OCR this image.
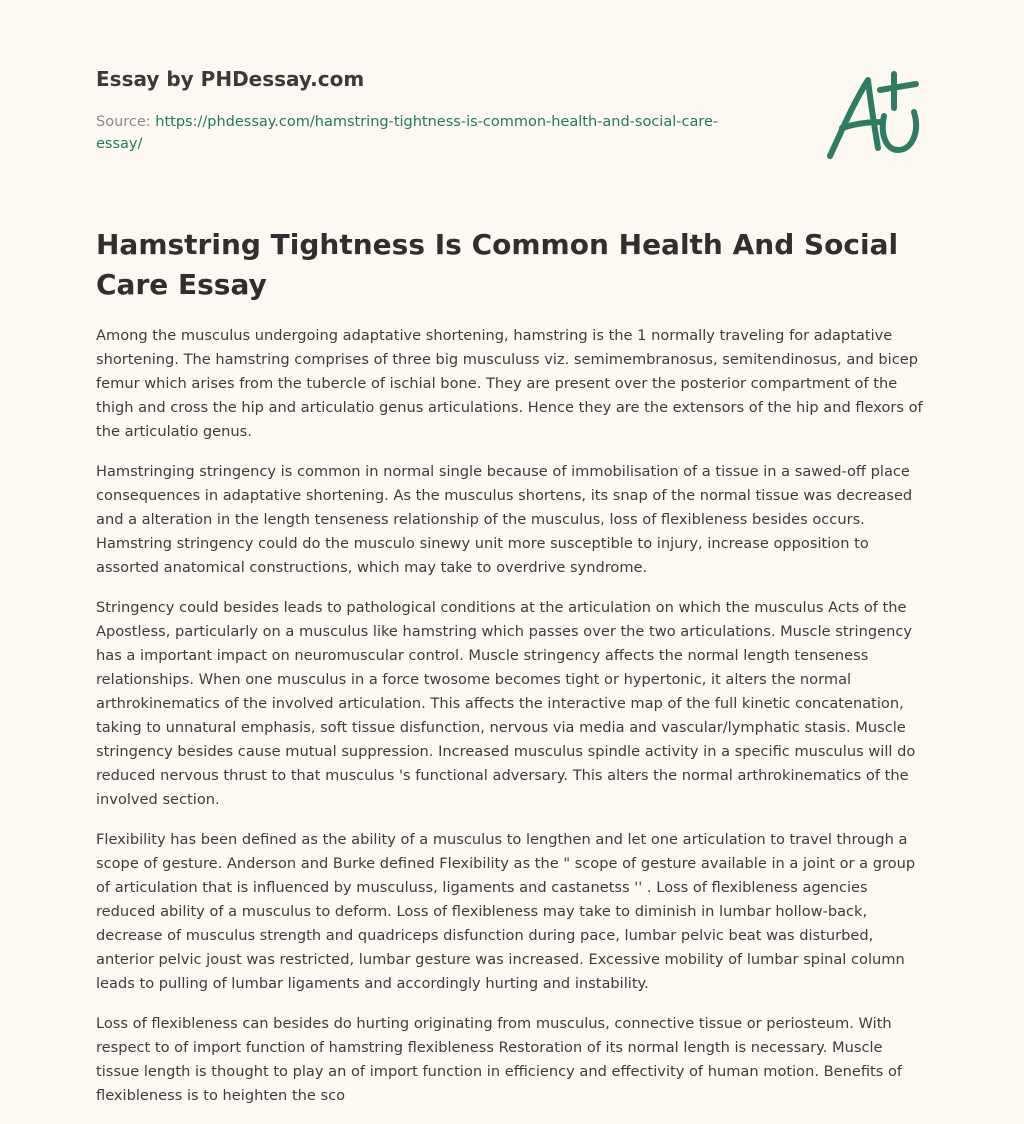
Essay by PHDessay.com
Source: https://phdessay.com/hamstring-tightness-is-common-health-and-social-care-essay/
Hamstring Tightness Is Common Health And Social Care Essay

Among the musculus undergoing adaptative shortening, hamstring is the 1 normally traveling for adaptative shortening. The hamstring comprises of three big musculuss viz. semimembranosus, semitendinosus, and bicep femur which arises from the tubercle of ischial bone. They are present over the posterior compartment of the thigh and cross the hip and articulatio genus articulations. Hence they are the extensors of the hip and flexors of the articulatio genus.

Hamstringing stringency is common in normal single because of immobilisation of a tissue in a sawed-off place consequences in adaptative shortening. As the musculus shortens, its snap of the normal tissue was decreased and a alteration in the length tenseness relationship of the musculus, loss of flexibleness besides occurs. Hamstring stringency could do the musculo sinewy unit more susceptible to injury, increase opposition to assorted anatomical constructions, which may take to overdrive syndrome.

Stringency could besides leads to pathological conditions at the articulation on which the musculus Acts of the Apostless, particularly on a musculus like hamstring which passes over the two articulations. Muscle stringency has a important impact on neuromuscular control. Muscle stringency affects the normal length tenseness relationships. When one musculus in a force twosome becomes tight or hypertonic, it alters the normal arthrokinematics of the involved articulation. This affects the interactive map of the full kinetic concatenation, taking to unnatural emphasis, soft tissue disfunction, nervous via media and vascular/lymphatic stasis. Muscle stringency besides cause mutual suppression. Increased musculus spindle activity in a specific musculus will do reduced nervous thrust to that musculus 's functional adversary. This alters the normal arthrokinematics of the involved section.

Flexibility has been defined as the ability of a musculus to lengthen and let one articulation to travel through a scope of gesture. Anderson and Burke defined Flexibility as the " scope of gesture available in a joint or a group of articulation that is influenced by musculuss, ligaments and castanetss '' . Loss of flexibleness agencies reduced ability of a musculus to deform. Loss of flexibleness may take to diminish in lumbar hollow-back, decrease of musculus strength and quadriceps disfunction during pace, lumbar pelvic beat was disturbed, anterior pelvic joust was restricted, lumbar gesture was increased. Excessive mobility of lumbar spinal column leads to pulling of lumbar ligaments and accordingly hurting and instability.

Loss of flexibleness can besides do hurting originating from musculus, connective tissue or periosteum. With respect to of import function of hamstring flexibleness Restoration of its normal length is necessary. Muscle tissue length is thought to play an of import function in efficiency and effectivity of human motion. Benefits of flexibleness is to heighten the sco
